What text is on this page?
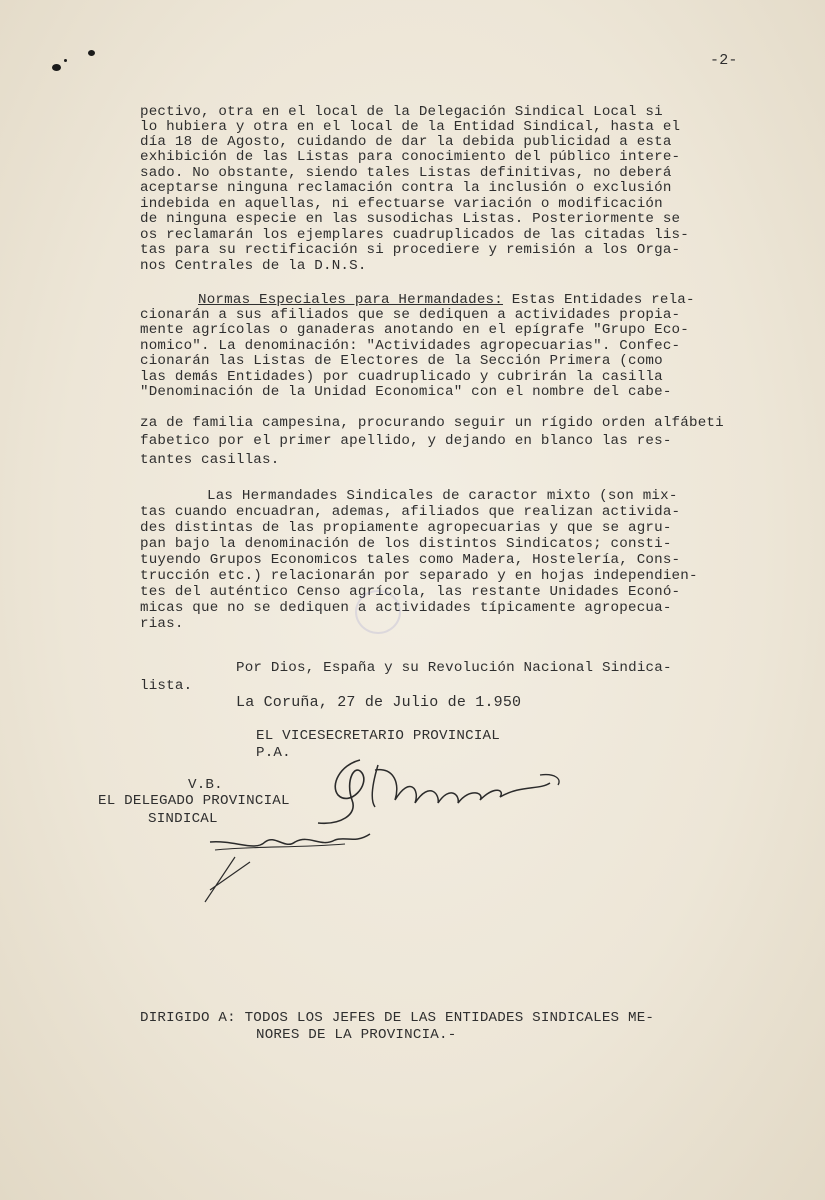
-2-
pectivo, otra en el local de la Delegación Sindical Local si
lo hubiera y otra en el local de la Entidad Sindical, hasta el
día 18 de Agosto, cuidando de dar la debida publicidad a esta
exhibición de las Listas para conocimiento del público intere-
sado. No obstante, siendo tales Listas definitivas, no deberá
aceptarse ninguna reclamación contra la inclusión o exclusión
indebida en aquellas, ni efectuarse variación o modificación
de ninguna especie en las susodichas Listas. Posteriormente se
os reclamarán los ejemplares cuadruplicados de las citadas lis-
tas para su rectificación si procediere y remisión a los Orga-
nos Centrales de la D.N.S.
Normas Especiales para Hermandades: Estas Entidades rela-
cionarán a sus afiliados que se dediquen a actividades propia-
mente agrícolas o ganaderas anotando en el epígrafe "Grupo Eco-
nomico". La denominación: "Actividades agropecuarias". Confec-
cionarán las Listas de Electores de la Sección Primera (como
las demás Entidades) por cuadruplicado y cubrirán la casilla
"Denominación de la Unidad Economica" con el nombre del cabe-
za de familia campesina, procurando seguir un rígido orden alfábeti
fabetico por el primer apellido, y dejando en blanco las res-
tantes casillas.
Las Hermandades Sindicales de caractor mixto (son mix-
tas cuando encuadran, ademas, afiliados que realizan activida-
des distintas de las propiamente agropecuarias y que se agru-
pan bajo la denominación de los distintos Sindicatos; consti-
tuyendo Grupos Economicos tales como Madera, Hostelería, Cons-
trucción etc.) relacionarán por separado y en hojas independien-
tes del auténtico Censo agrícola, las restante Unidades Econó-
micas que no se dediquen a actividades típicamente agropecua-
rias.
Por Dios, España y su Revolución Nacional Sindica-
lista.
La Coruña, 27 de Julio de 1.950
EL VICESECRETARIO PROVINCIAL
P.A.
V.B.
EL DELEGADO PROVINCIAL
SINDICAL
DIRIGIDO A: TODOS LOS JEFES DE LAS ENTIDADES SINDICALES ME-
NORES DE LA PROVINCIA.-
